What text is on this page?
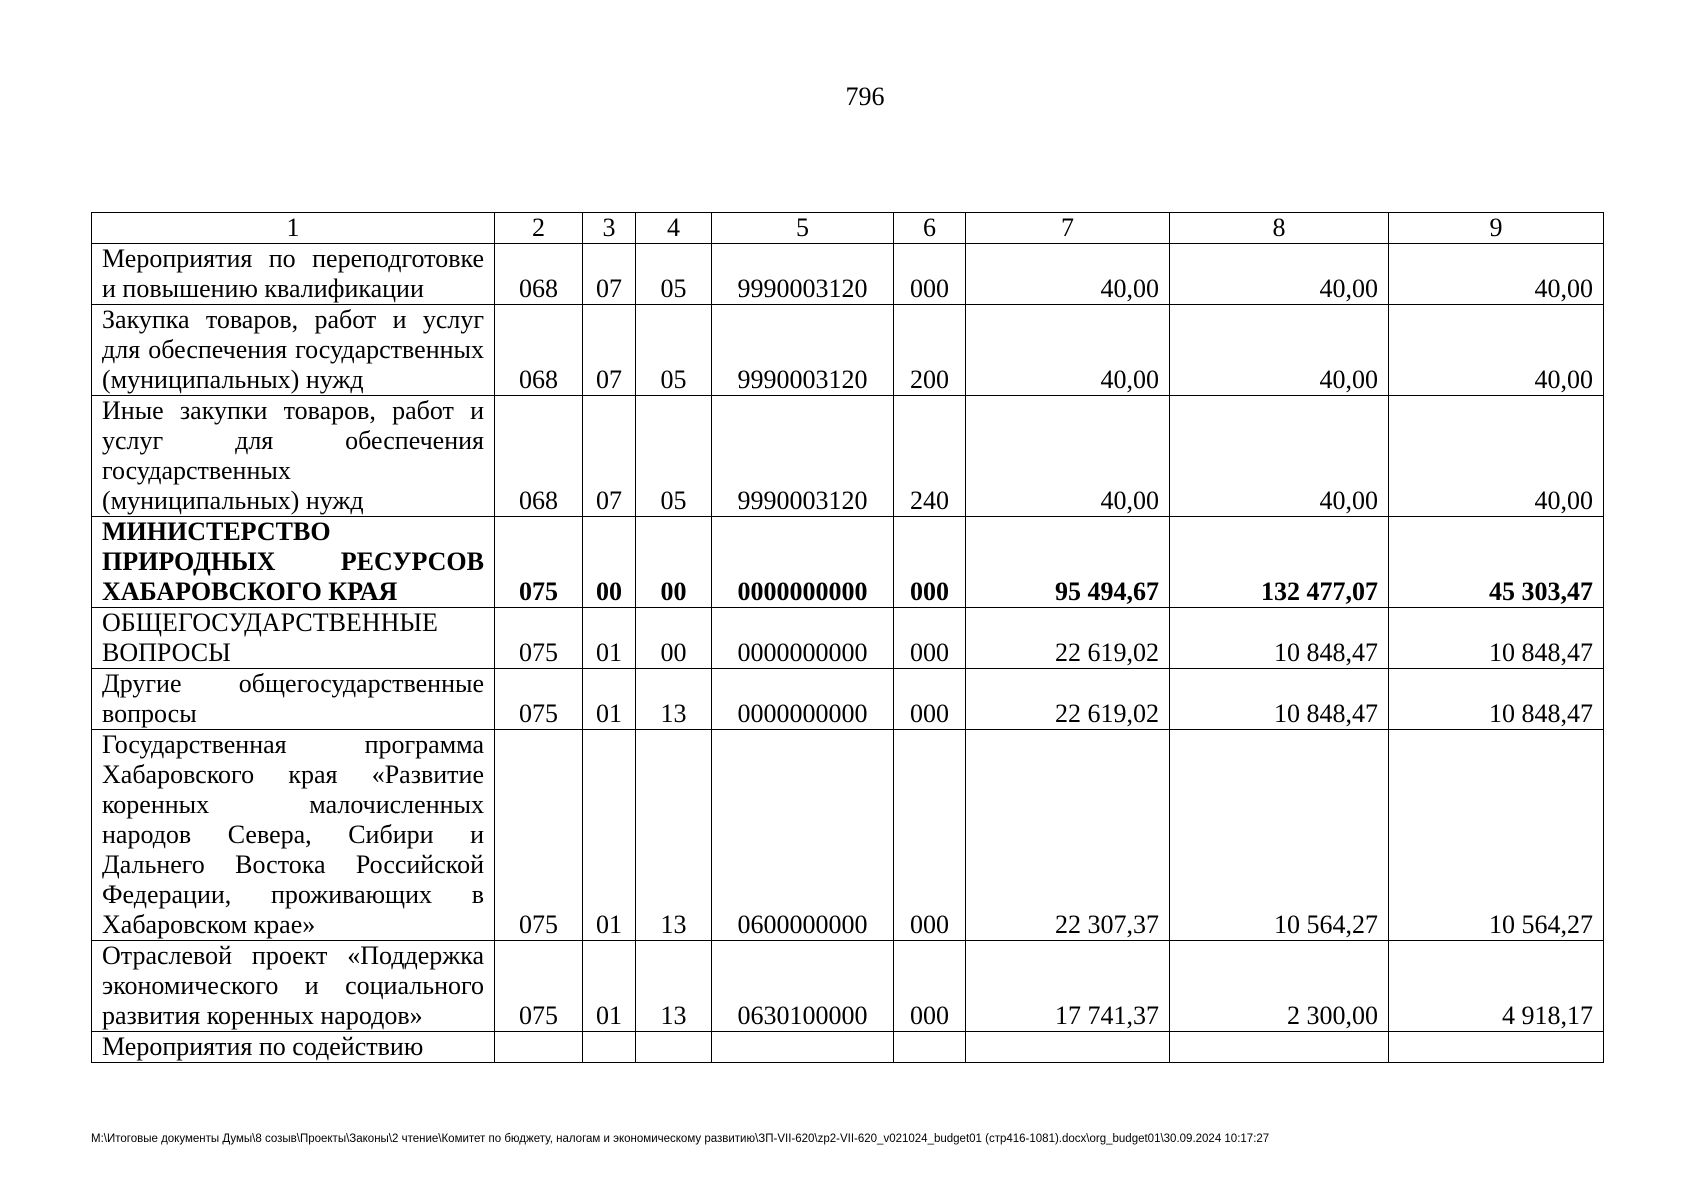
796
1	2	3	4	5	6	7	8	9
Мероприятия по переподготовке и повышению квалификации	068	07	05	9990003120	000	40,00	40,00	40,00
Закупка товаров, работ и услуг для обеспечения государственных (муниципальных) нужд	068	07	05	9990003120	200	40,00	40,00	40,00
Иные закупки товаров, работ и услуг для обеспечения государственных (муниципальных) нужд	068	07	05	9990003120	240	40,00	40,00	40,00
МИНИСТЕРСТВО ПРИРОДНЫХ РЕСУРСОВ ХАБАРОВСКОГО КРАЯ	075	00	00	0000000000	000	95 494,67	132 477,07	45 303,47
ОБЩЕГОСУДАРСТВЕННЫЕ ВОПРОСЫ	075	01	00	0000000000	000	22 619,02	10 848,47	10 848,47
Другие общегосударственные вопросы	075	01	13	0000000000	000	22 619,02	10 848,47	10 848,47
Государственная программа Хабаровского края «Развитие коренных малочисленных народов Севера, Сибири и Дальнего Востока Российской Федерации, проживающих в Хабаровском крае»	075	01	13	0600000000	000	22 307,37	10 564,27	10 564,27
Отраслевой проект «Поддержка экономического и социального развития коренных народов»	075	01	13	0630100000	000	17 741,37	2 300,00	4 918,17
Мероприятия по содействию								
M:\Итоговые документы Думы\8 созыв\Проекты\Законы\2 чтение\Комитет по бюджету, налогам и экономическому развитию\ЗП-VII-620\zp2-VII-620_v021024_budget01 (стр416-1081).docx\org_budget01\30.09.2024 10:17:27
